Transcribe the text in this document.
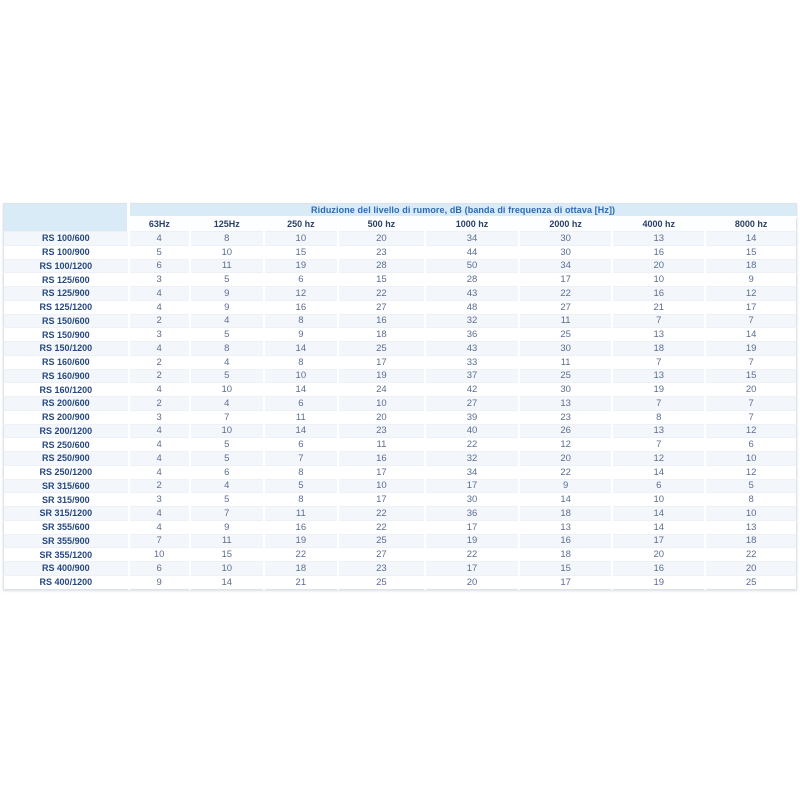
	Riduzione del livello di rumore, dB (banda di frequenza di ottava [Hz])							
	63Hz	125Hz	250 hz	500 hz	1000 hz	2000 hz	4000 hz	8000 hz
RS 100/600	4	8	10	20	34	30	13	14
RS 100/900	5	10	15	23	44	30	16	15
RS 100/1200	6	11	19	28	50	34	20	18
RS 125/600	3	5	6	15	28	17	10	9
RS 125/900	4	9	12	22	43	22	16	12
RS 125/1200	4	9	16	27	48	27	21	17
RS 150/600	2	4	8	16	32	11	7	7
RS 150/900	3	5	9	18	36	25	13	14
RS 150/1200	4	8	14	25	43	30	18	19
RS 160/600	2	4	8	17	33	11	7	7
RS 160/900	2	5	10	19	37	25	13	15
RS 160/1200	4	10	14	24	42	30	19	20
RS 200/600	2	4	6	10	27	13	7	7
RS 200/900	3	7	11	20	39	23	8	7
RS 200/1200	4	10	14	23	40	26	13	12
RS 250/600	4	5	6	11	22	12	7	6
RS 250/900	4	5	7	16	32	20	12	10
RS 250/1200	4	6	8	17	34	22	14	12
SR 315/600	2	4	5	10	17	9	6	5
SR 315/900	3	5	8	17	30	14	10	8
SR 315/1200	4	7	11	22	36	18	14	10
SR 355/600	4	9	16	22	17	13	14	13
SR 355/900	7	11	19	25	19	16	17	18
SR 355/1200	10	15	22	27	22	18	20	22
RS 400/900	6	10	18	23	17	15	16	20
RS 400/1200	9	14	21	25	20	17	19	25
